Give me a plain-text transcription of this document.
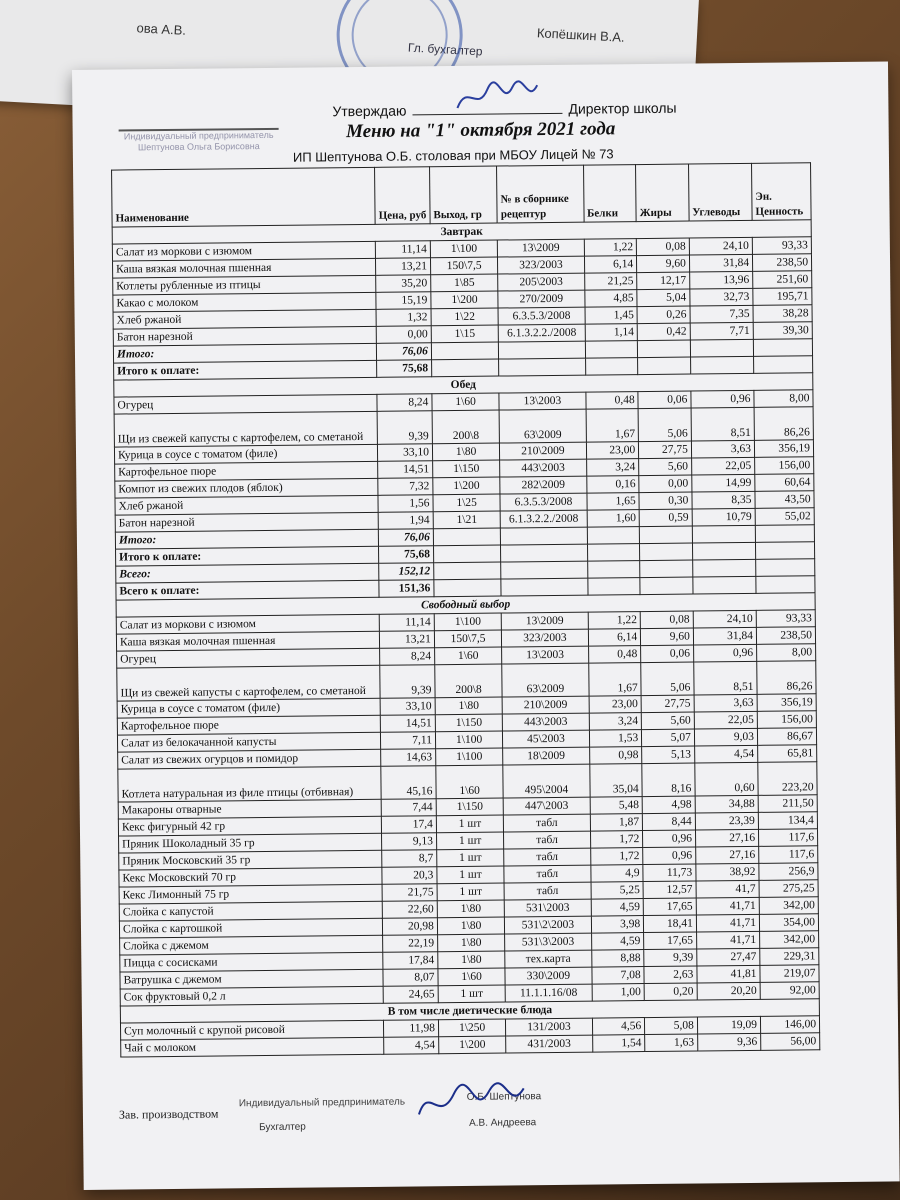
ова А.В.	Копёшкин В.А.
Гл. бухгалтер
Индивидуальный предприниматель Шептунова Ольга Борисовна
Утверждаю	Директор школы
Меню на "1" октября 2021 года
ИП Шептунова О.Б. столовая при МБОУ Лицей № 73
Наименование	Цена, руб	Выход, гр	№ в сборнике рецептур	Белки	Жиры	Углеводы	Эн. Ценность
Завтрак							
Салат из моркови с изюмом	11,14	1\100	13\2009	1,22	0,08	24,10	93,33
Каша вязкая молочная пшенная	13,21	150\7,5	323/2003	6,14	9,60	31,84	238,50
Котлеты рубленные из птицы	35,20	1\85	205\2003	21,25	12,17	13,96	251,60
Какао с молоком	15,19	1\200	270/2009	4,85	5,04	32,73	195,71
Хлеб ржаной	1,32	1\22	6.3.5.3/2008	1,45	0,26	7,35	38,28
Батон нарезной	0,00	1\15	6.1.3.2.2./2008	1,14	0,42	7,71	39,30
Итого:	76,06						
Итого к оплате:	75,68						
Обед							
Огурец	8,24	1\60	13\2003	0,48	0,06	0,96	8,00
Щи из свежей капусты с картофелем, со сметаной	9,39	200\8	63\2009	1,67	5,06	8,51	86,26
Курица в соусе с томатом (филе)	33,10	1\80	210\2009	23,00	27,75	3,63	356,19
Картофельное пюре	14,51	1\150	443\2003	3,24	5,60	22,05	156,00
Компот из свежих плодов (яблок)	7,32	1\200	282\2009	0,16	0,00	14,99	60,64
Хлеб ржаной	1,56	1\25	6.3.5.3/2008	1,65	0,30	8,35	43,50
Батон нарезной	1,94	1\21	6.1.3.2.2./2008	1,60	0,59	10,79	55,02
Итого:	76,06						
Итого к оплате:	75,68						
Всего:	152,12						
Всего к оплате:	151,36						
Свободный выбор							
Салат из моркови с изюмом	11,14	1\100	13\2009	1,22	0,08	24,10	93,33
Каша вязкая молочная пшенная	13,21	150\7,5	323/2003	6,14	9,60	31,84	238,50
Огурец	8,24	1\60	13\2003	0,48	0,06	0,96	8,00
Щи из свежей капусты с картофелем, со сметаной	9,39	200\8	63\2009	1,67	5,06	8,51	86,26
Курица в соусе с томатом (филе)	33,10	1\80	210\2009	23,00	27,75	3,63	356,19
Картофельное пюре	14,51	1\150	443\2003	3,24	5,60	22,05	156,00
Салат из белокачанной капусты	7,11	1\100	45\2003	1,53	5,07	9,03	86,67
Салат из свежих огурцов и помидор	14,63	1\100	18\2009	0,98	5,13	4,54	65,81
Котлета натуральная из филе птицы (отбивная)	45,16	1\60	495\2004	35,04	8,16	0,60	223,20
Макароны отварные	7,44	1\150	447\2003	5,48	4,98	34,88	211,50
Кекс фигурный 42 гр	17,4	1 шт	табл	1,87	8,44	23,39	134,4
Пряник Шоколадный 35 гр	9,13	1 шт	табл	1,72	0,96	27,16	117,6
Пряник Московский 35 гр	8,7	1 шт	табл	1,72	0,96	27,16	117,6
Кекс Московский 70 гр	20,3	1 шт	табл	4,9	11,73	38,92	256,9
Кекс Лимонный 75 гр	21,75	1 шт	табл	5,25	12,57	41,7	275,25
Слойка с капустой	22,60	1\80	531\2003	4,59	17,65	41,71	342,00
Слойка с картошкой	20,98	1\80	531\2\2003	3,98	18,41	41,71	354,00
Слойка с джемом	22,19	1\80	531\3\2003	4,59	17,65	41,71	342,00
Пицца с сосисками	17,84	1\80	тех.карта	8,88	9,39	27,47	229,31
Ватрушка с джемом	8,07	1\60	330\2009	7,08	2,63	41,81	219,07
Сок фруктовый 0,2 л	24,65	1 шт	11.1.1.16/08	1,00	0,20	20,20	92,00
В том числе диетические блюда							
Суп молочный с крупой рисовой	11,98	1\250	131/2003	4,56	5,08	19,09	146,00
Чай с молоком	4,54	1\200	431/2003	1,54	1,63	9,36	56,00
Зав. производством
Индивидуальный предприниматель	О.Б. Шептунова
Бухгалтер	А.В. Андреева
